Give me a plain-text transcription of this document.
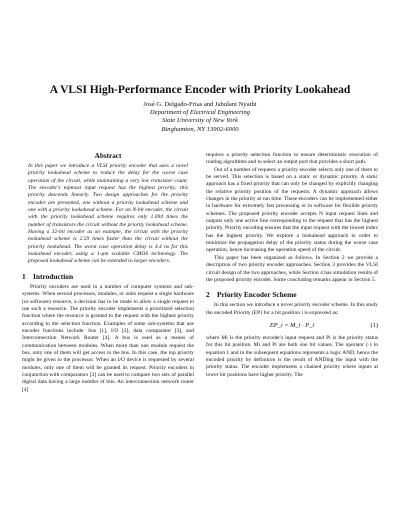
A VLSI High-Performance Encoder with Priority Lookahead
José G. Delgado-Frias and Jabulani Nyathi
Department of Electrical Engineering
State University of New York
Binghamton, NY 13902-6000
Abstract

In this paper we introduce a VLSI priority encoder that uses a novel priority lookahead scheme to reduce the delay for the worse case operation of the circuit, while maintaining a very low transistor count. The encoder's topmost input request has the highest priority; this priority descends linearly. Two design approaches for the priority encoder are presented, one without a priority lookahead scheme and one with a priority lookahead scheme. For an N-bit encoder, the circuit with the priority lookahead scheme requires only 1.094 times the number of transistors the circuit without the priority lookahead scheme. Having a 32-bit encoder as an example, the circuit with the priority lookahead scheme is 2.59 times faster than the circuit without the priority lookahead. The worst case operation delay is 4.4 ns for this lookahead encoder, using a 1-μm scalable CMOS technology. The proposed lookahead scheme can be extended to larger encoders.

1 Introduction

Priority encoders are used in a number of computer systems and sub-systems. When several processes, modules, or units request a single hardware (or software) resource, a decision has to be made to allow a single request to use such a resource. The priority encoder implements a prioritized selection function where the resource is granted to the request with the highest priority according to the selection function. Examples of some sub-systems that use encoder functions include: bus [1], I/O [2], data comparator [3], and Interconnection Network Router [4]. A bus is used as a means of communication between modules. When more than one module request the bus, only one of them will get access to the bus. In this case, the top priority might be given to the processor. When an I/O device is requested by several modules, only one of them will be granted its request. Priority encoders in conjunction with comparators [3] can be used to compare two sets of parallel digital data having a large number of bits. An interconnection network router [4]

requires a priority selection function to ensure deterministic execution of routing algorithms and to select an output port that provides a short path.

Out of a number of requests a priority encoder selects only one of them to be served. This selection is based on a static or dynamic priority. A static approach has a fixed priority that can only be changed by explicitly changing the relative priority position of the requests. A dynamic approach allows changes in the priority at run time. These encoders can be implemented either in hardware for extremely fast processing or in software for flexible priority schemes. The proposed priority encoder accepts N input request lines and outputs only one active line corresponding to the request that has the highest priority. Priority encoding ensures that the input request with the lowest index has the highest priority. We explore a lookahead approach in order to minimize the propagation delay of the priority status during the worse case operation, hence increasing the operation speed of the circuit.

This paper has been organized as follows. In Section 2 we provide a description of two priority encoder approaches. Section 3 provides the VLSI circuit design of the two approaches, while Section 4 has simulation results of the proposed priority encoder. Some concluding remarks appear in Section 5.

2 Priority Encoder Scheme

In this section we introduce a novel priority encoder scheme. In this study the encoded Priority (EP) for a bit position i is expressed as:

EP_i = M_i · P_i	(1)

where Mi is the priority encoder's input request and Pi is the priority status for this bit position. Mi and Pi are both one bit values. The operator (·) in equation 1 and in the subsequent equations represents a logic AND, hence the encoded priority by definition is the result of ANDing the input with the priority status. The encoder implements a chained priority where inputs at lower bit positions have higher priority. The
